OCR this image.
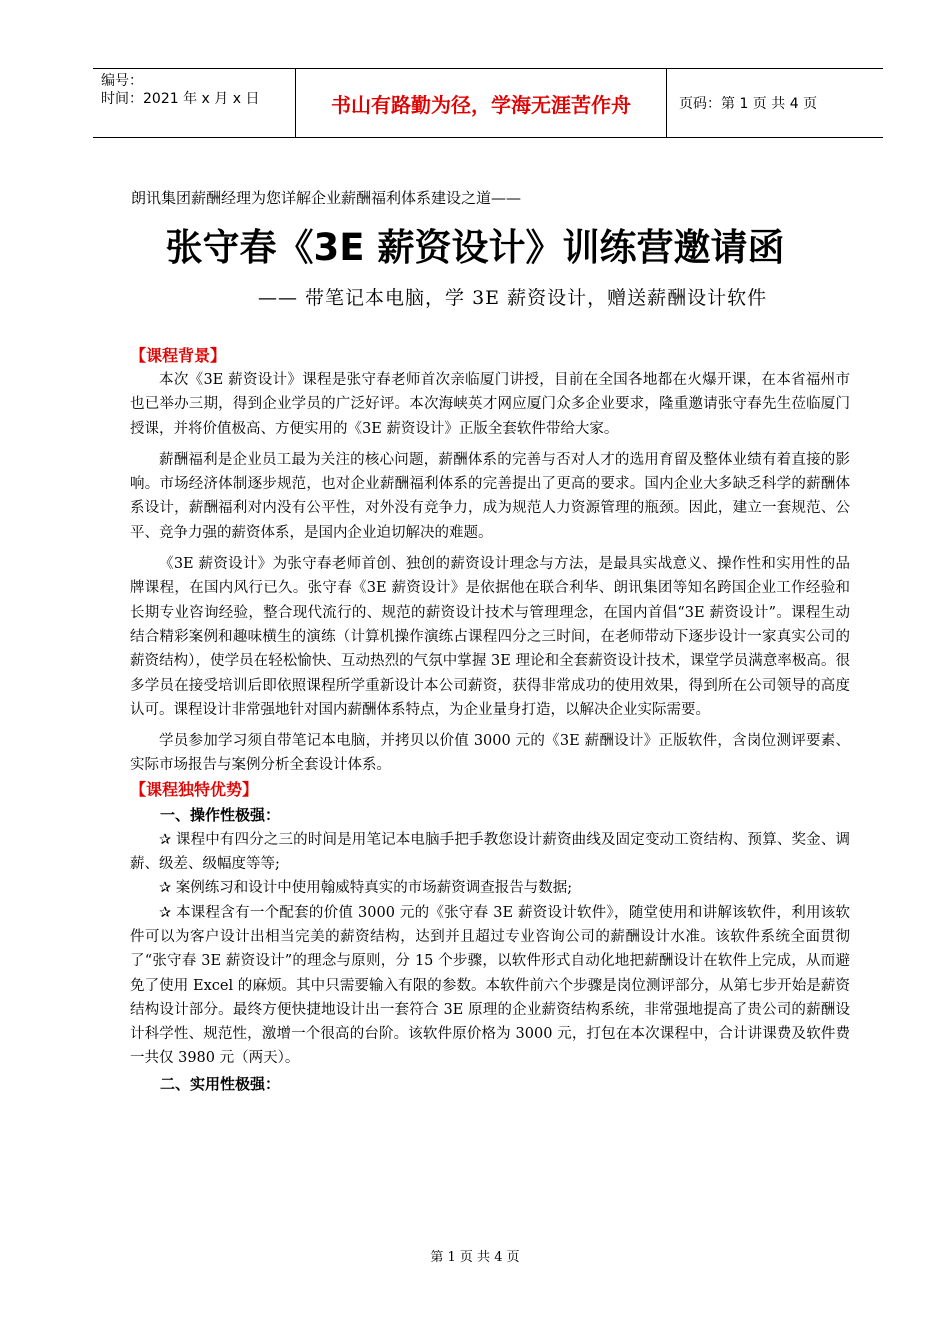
编号：
时间：2021 年 x 月 x 日	书山有路勤为径，学海无涯苦作舟	页码：第 1 页 共 4 页
朗讯集团薪酬经理为您详解企业薪酬福利体系建设之道——
张守春《3E 薪资设计》训练营邀请函
—— 带笔记本电脑，学 3E 薪资设计，赠送薪酬设计软件

【课程背景】

本次《3E 薪资设计》课程是张守春老师首次亲临厦门讲授，目前在全国各地都在火爆开课，在本省福州市也已举办三期，得到企业学员的广泛好评。本次海峡英才网应厦门众多企业要求，隆重邀请张守春先生莅临厦门授课，并将价值极高、方便实用的《3E 薪资设计》正版全套软件带给大家。

薪酬福利是企业员工最为关注的核心问题，薪酬体系的完善与否对人才的选用育留及整体业绩有着直接的影响。市场经济体制逐步规范，也对企业薪酬福利体系的完善提出了更高的要求。国内企业大多缺乏科学的薪酬体系设计，薪酬福利对内没有公平性，对外没有竞争力，成为规范人力资源管理的瓶颈。因此，建立一套规范、公平、竞争力强的薪资体系，是国内企业迫切解决的难题。

《3E 薪资设计》为张守春老师首创、独创的薪资设计理念与方法，是最具实战意义、操作性和实用性的品牌课程，在国内风行已久。张守春《3E 薪资设计》是依据他在联合利华、朗讯集团等知名跨国企业工作经验和长期专业咨询经验，整合现代流行的、规范的薪资设计技术与管理理念，在国内首倡“3E 薪资设计”。课程生动结合精彩案例和趣味横生的演练（计算机操作演练占课程四分之三时间，在老师带动下逐步设计一家真实公司的薪资结构），使学员在轻松愉快、互动热烈的气氛中掌握 3E 理论和全套薪资设计技术，课堂学员满意率极高。很多学员在接受培训后即依照课程所学重新设计本公司薪资，获得非常成功的使用效果，得到所在公司领导的高度认可。课程设计非常强地针对国内薪酬体系特点，为企业量身打造，以解决企业实际需要。

学员参加学习须自带笔记本电脑，并拷贝以价值 3000 元的《3E 薪酬设计》正版软件，含岗位测评要素、实际市场报告与案例分析全套设计体系。

【课程独特优势】

一、操作性极强：

✰ 课程中有四分之三的时间是用笔记本电脑手把手教您设计薪资曲线及固定变动工资结构、预算、奖金、调薪、级差、级幅度等等;

✰ 案例练习和设计中使用翰威特真实的市场薪资调查报告与数据;

✰ 本课程含有一个配套的价值 3000 元的《张守春 3E 薪资设计软件》，随堂使用和讲解该软件，利用该软件可以为客户设计出相当完美的薪资结构，达到并且超过专业咨询公司的薪酬设计水准。该软件系统全面贯彻了“张守春 3E 薪资设计”的理念与原则，分 15 个步骤，以软件形式自动化地把薪酬设计在软件上完成，从而避免了使用 Excel 的麻烦。其中只需要输入有限的参数。本软件前六个步骤是岗位测评部分，从第七步开始是薪资结构设计部分。最终方便快捷地设计出一套符合 3E 原理的企业薪资结构系统，非常强地提高了贵公司的薪酬设计科学性、规范性，激增一个很高的台阶。该软件原价格为 3000 元，打包在本次课程中，合计讲课费及软件费一共仅 3980 元（两天）。

二、实用性极强：

第 1 页 共 4 页
